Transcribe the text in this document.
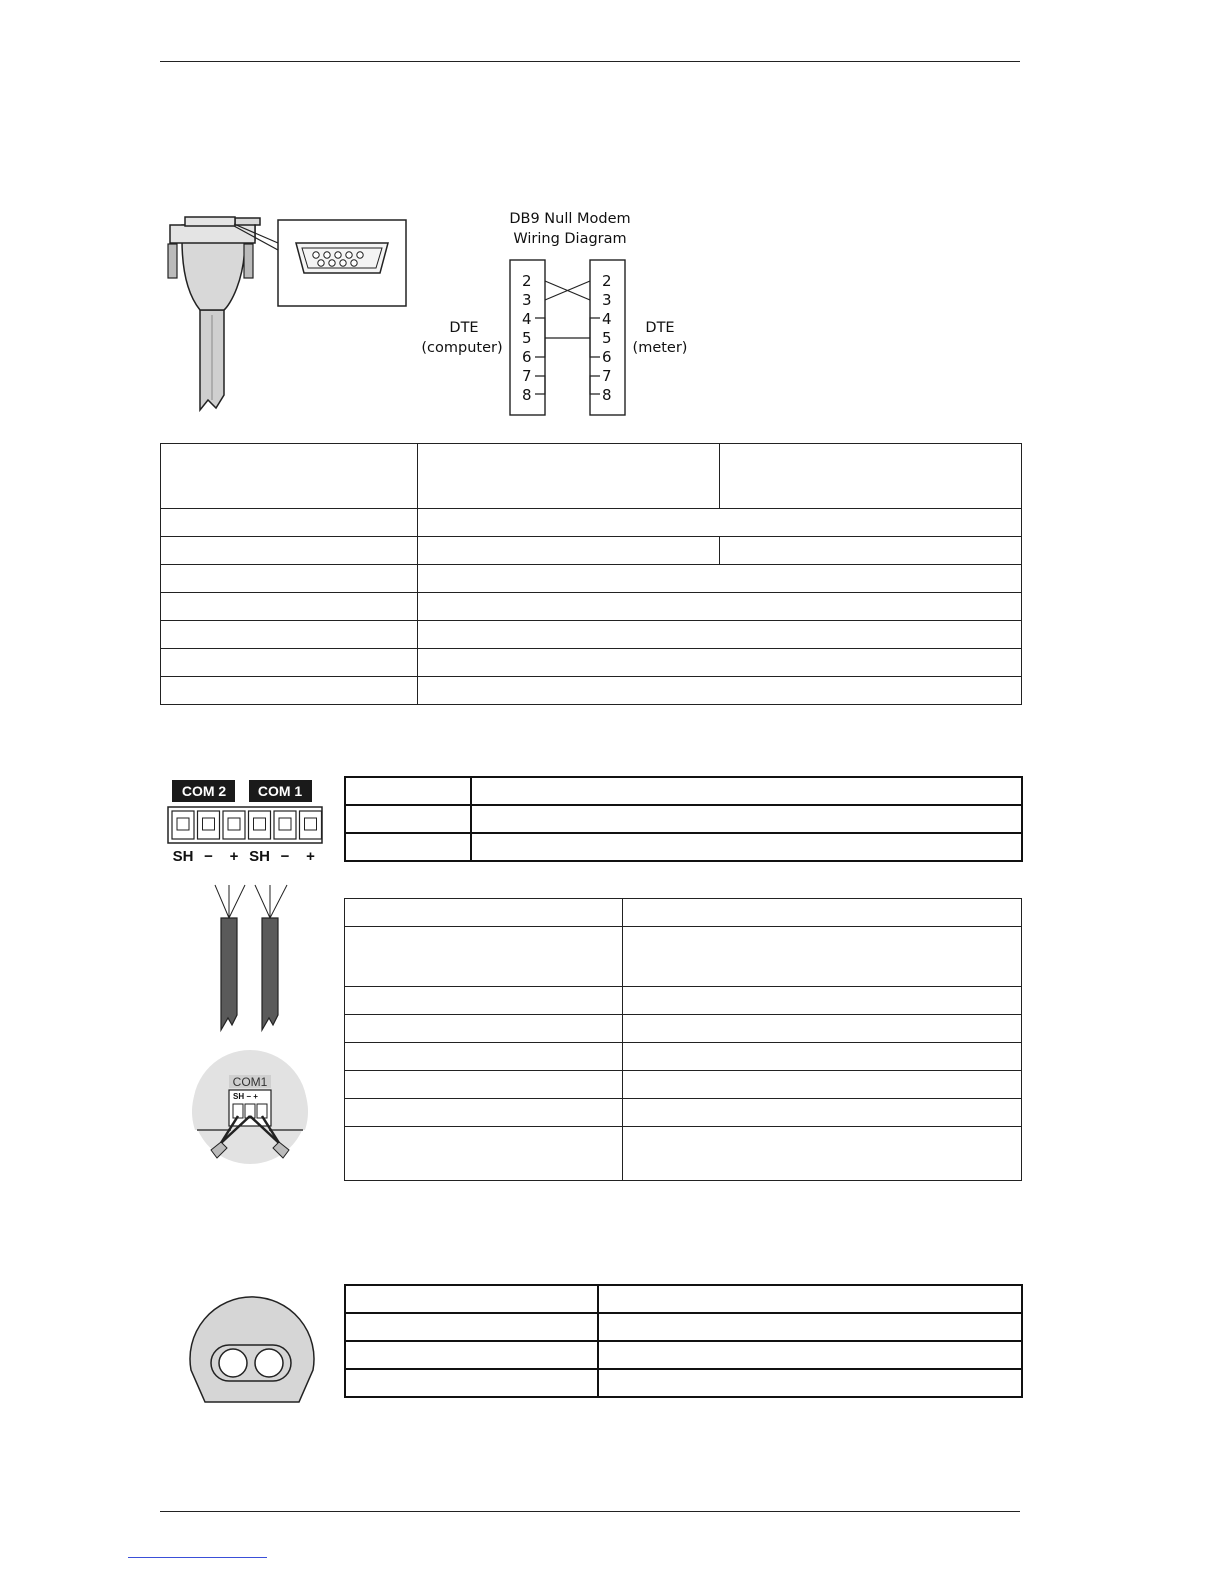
DB9 Null Modem
Wiring Diagram
DTE
(computer)
DTE
(meter)
2
3
4
5
6
7
8
2
3
4
5
6
7
8

COM 2 COM 1
SH − + SH − +
COM1
SH − +
